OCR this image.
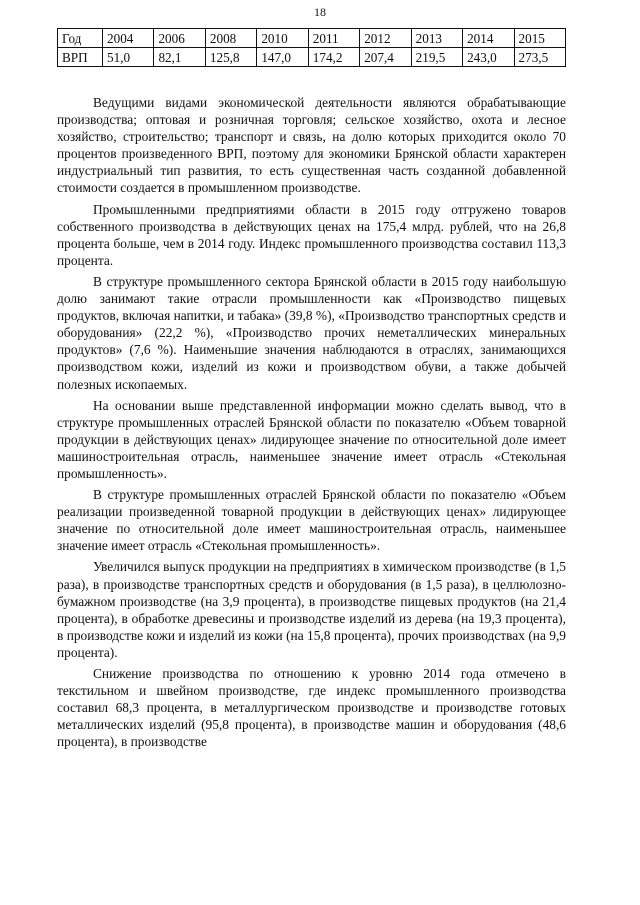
18
Год	2004	2006	2008	2010	2011	2012	2013	2014	2015
ВРП	51,0	82,1	125,8	147,0	174,2	207,4	219,5	243,0	273,5

Ведущими видами экономической деятельности являются обрабатывающие производства; оптовая и розничная торговля; сельское хозяйство, охота и лесное хозяйство, строительство; транспорт и связь, на долю которых приходится около 70 процентов произведенного ВРП, поэтому для экономики Брянской области характерен индустриальный тип развития, то есть существенная часть созданной добавленной стоимости создается в промышленном производстве.

Промышленными предприятиями области в 2015 году отгружено товаров собственного производства в действующих ценах на 175,4 млрд. рублей, что на 26,8 процента больше, чем в 2014 году. Индекс промышленного производства составил 113,3 процента.

В структуре промышленного сектора Брянской области в 2015 году наибольшую долю занимают такие отрасли промышленности как «Производство пищевых продуктов, включая напитки, и табака» (39,8 %), «Производство транспортных средств и оборудования» (22,2 %), «Производство прочих неметаллических минеральных продуктов» (7,6 %). Наименьшие значения наблюдаются в отраслях, занимающихся производством кожи, изделий из кожи и производством обуви, а также добычей полезных ископаемых.

На основании выше представленной информации можно сделать вывод, что в структуре промышленных отраслей Брянской области по показателю «Объем товарной продукции в действующих ценах» лидирующее значение по относительной доле имеет машиностроительная отрасль, наименьшее значение имеет отрасль «Стекольная промышленность».

В структуре промышленных отраслей Брянской области по показателю «Объем реализации произведенной товарной продукции в действующих ценах» лидирующее значение по относительной доле имеет машиностроительная отрасль, наименьшее значение имеет отрасль «Стекольная промышленность».

Увеличился выпуск продукции на предприятиях в химическом производстве (в 1,5 раза), в производстве транспортных средств и оборудования (в 1,5 раза), в целлюлозно-бумажном производстве (на 3,9 процента), в производстве пищевых продуктов (на 21,4 процента), в обработке древесины и производстве изделий из дерева (на 19,3 процента), в производстве кожи и изделий из кожи (на 15,8 процента), прочих производствах (на 9,9 процента).

Снижение производства по отношению к уровню 2014 года отмечено в текстильном и швейном производстве, где индекс промышленного производства составил 68,3 процента, в металлургическом производстве и производстве готовых металлических изделий (95,8 процента), в производстве машин и оборудования (48,6 процента), в производстве
